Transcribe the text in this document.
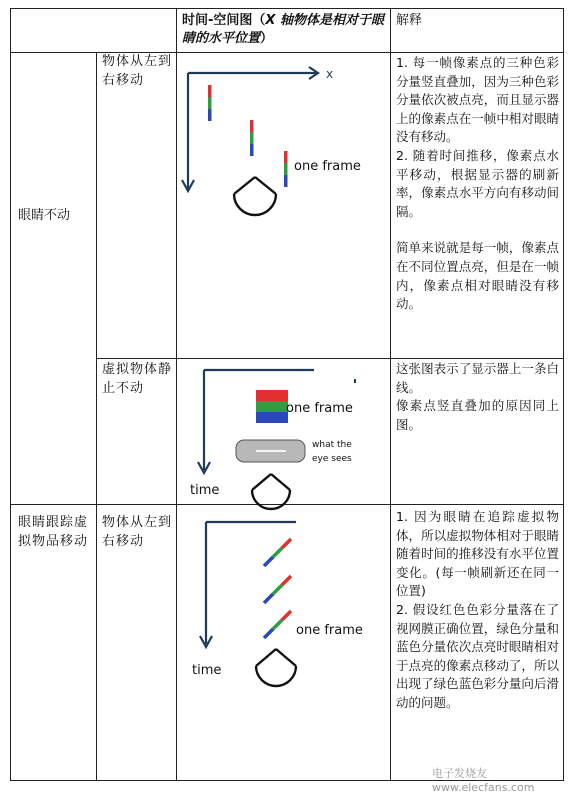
时间-空间图（X 轴物体是相对于眼睛的水平位置）
解释
眼睛不动
物体从左到右移动
虚拟物体静止不动
眼睛跟踪虚拟物品移动
物体从左到右移动

1. 每一帧像素点的三种色彩分量竖直叠加，因为三种色彩分量依次被点亮，而且显示器上的像素点在一帧中相对眼睛没有移动。

2. 随着时间推移，像素点水平移动，根据显示器的刷新率，像素点水平方向有移动间隔。

简单来说就是每一帧，像素点在不同位置点亮，但是在一帧内，像素点相对眼睛没有移动。

这张图表示了显示器上一条白线。

像素点竖直叠加的原因同上图。

1. 因为眼睛在追踪虚拟物体，所以虚拟物体相对于眼睛随着时间的推移没有水平位置变化。(每一帧刷新还在同一位置)

2. 假设红色色彩分量落在了视网膜正确位置，绿色分量和蓝色分量依次点亮时眼睛相对于点亮的像素点移动了，所以出现了绿色蓝色彩分量向后滑动的问题。

x
one frame
one frame
what the
eye sees
time
one frame
time
电子发烧友 www.elecfans.com
